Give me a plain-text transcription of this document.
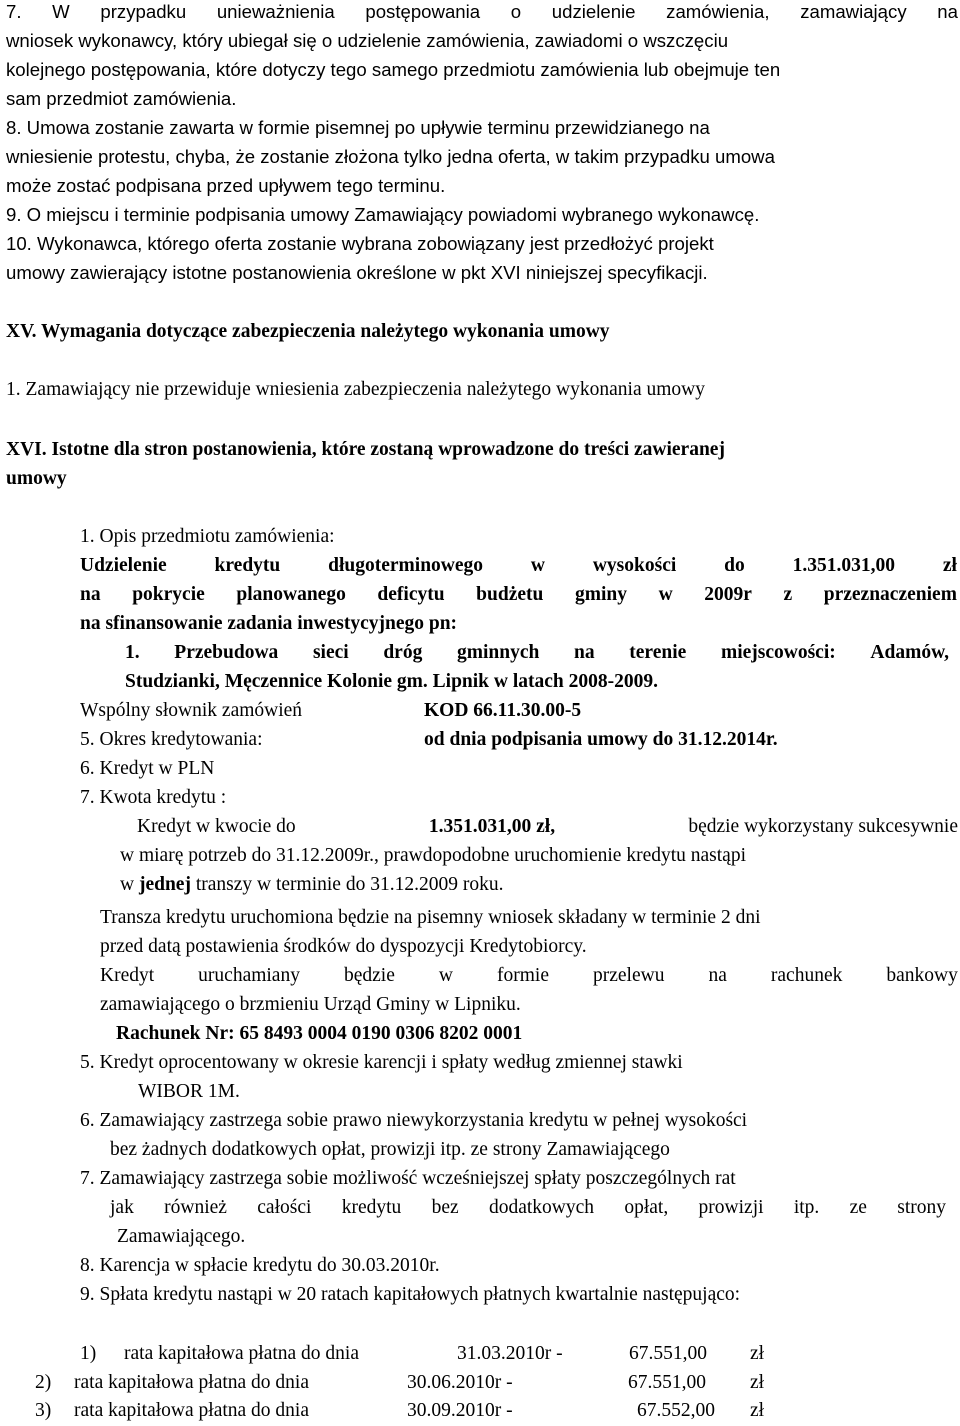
7. W przypadku unieważnienia postępowania o udzielenie zamówienia, zamawiający na
wniosek wykonawcy, który ubiegał się o udzielenie zamówienia, zawiadomi o wszczęciu
kolejnego postępowania, które dotyczy tego samego przedmiotu zamówienia lub obejmuje ten
sam przedmiot zamówienia.
8. Umowa zostanie zawarta w formie pisemnej po upływie terminu przewidzianego na
wniesienie protestu, chyba, że zostanie złożona tylko jedna oferta, w takim przypadku umowa
może zostać podpisana przed upływem tego terminu.
9. O miejscu i terminie podpisania umowy Zamawiający powiadomi wybranego wykonawcę.
10. Wykonawca, którego oferta zostanie wybrana zobowiązany jest przedłożyć projekt
umowy zawierający istotne postanowienia określone w pkt XVI niniejszej specyfikacji.
XV. Wymagania dotyczące zabezpieczenia należytego wykonania umowy
1. Zamawiający nie przewiduje wniesienia zabezpieczenia należytego wykonania umowy
XVI. Istotne dla stron postanowienia, które zostaną wprowadzone do treści zawieranej
umowy
1. Opis przedmiotu zamówienia:
Udzielenie kredytu długoterminowego w wysokości do 1.351.031,00 zł
na pokrycie planowanego deficytu budżetu gminy w 2009r z przeznaczeniem
na sfinansowanie zadania inwestycyjnego pn:
1. Przebudowa sieci dróg gminnych na terenie miejscowości: Adamów,
Studzianki, Męczennice Kolonie gm. Lipnik w latach 2008-2009.
Wspólny słownik zamówień	KOD 66.11.30.00-5
5. Okres kredytowania:	od dnia podpisania umowy do 31.12.2014r.
6. Kredyt w PLN
7. Kwota kredytu :
Kredyt w kwocie do	1.351.031,00 zł,	będzie wykorzystany sukcesywnie
w miarę potrzeb do 31.12.2009r., prawdopodobne uruchomienie kredytu nastąpi
w jednej transzy w terminie do 31.12.2009 roku.
Transza kredytu uruchomiona będzie na pisemny wniosek składany w terminie 2 dni
przed datą postawienia środków do dyspozycji Kredytobiorcy.
Kredyt uruchamiany będzie w formie przelewu na rachunek bankowy
zamawiającego o brzmieniu Urząd Gminy w Lipniku.
Rachunek Nr: 65 8493 0004 0190 0306 8202 0001
5. Kredyt oprocentowany w okresie karencji i spłaty według zmiennej stawki
WIBOR 1M.
6. Zamawiający zastrzega sobie prawo niewykorzystania kredytu w pełnej wysokości
bez żadnych dodatkowych opłat, prowizji itp. ze strony Zamawiającego
7. Zamawiający zastrzega sobie możliwość wcześniejszej spłaty poszczególnych rat
jak również całości kredytu bez dodatkowych opłat, prowizji itp. ze strony
Zamawiającego.
8. Karencja w spłacie kredytu do 30.03.2010r.
9. Spłata kredytu nastąpi w 20 ratach kapitałowych płatnych kwartalnie następująco:
1) rata kapitałowa płatna do dnia	31.03.2010r -	67.551,00 zł
2) rata kapitałowa płatna do dnia	30.06.2010r -	67.551,00 zł
3) rata kapitałowa płatna do dnia	30.09.2010r -	67.552,00 zł
